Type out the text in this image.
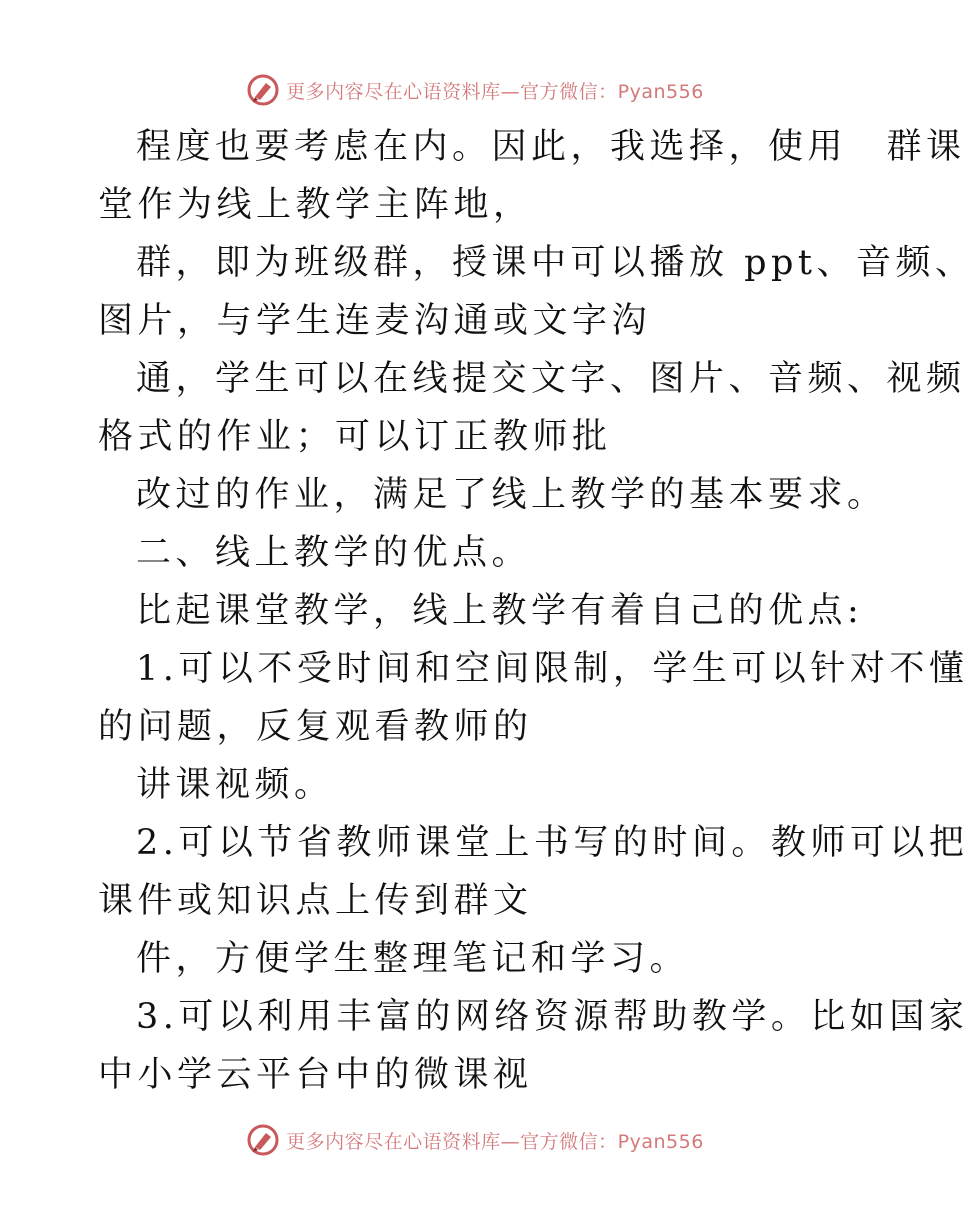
更多内容尽在心语资料库—官方微信：Pyan556

程度也要考虑在内。因此，我选择，使用　群课
堂作为线上教学主阵地，

群，即为班级群，授课中可以播放 ppt、音频、
图片，与学生连麦沟通或文字沟

通，学生可以在线提交文字、图片、音频、视频
格式的作业；可以订正教师批

改过的作业，满足了线上教学的基本要求。

二、线上教学的优点。

比起课堂教学，线上教学有着自己的优点:

1.可以不受时间和空间限制，学生可以针对不懂
的问题，反复观看教师的

讲课视频。

2.可以节省教师课堂上书写的时间。教师可以把
课件或知识点上传到群文

件，方便学生整理笔记和学习。

3.可以利用丰富的网络资源帮助教学。比如国家
中小学云平台中的微课视

更多内容尽在心语资料库—官方微信：Pyan556
